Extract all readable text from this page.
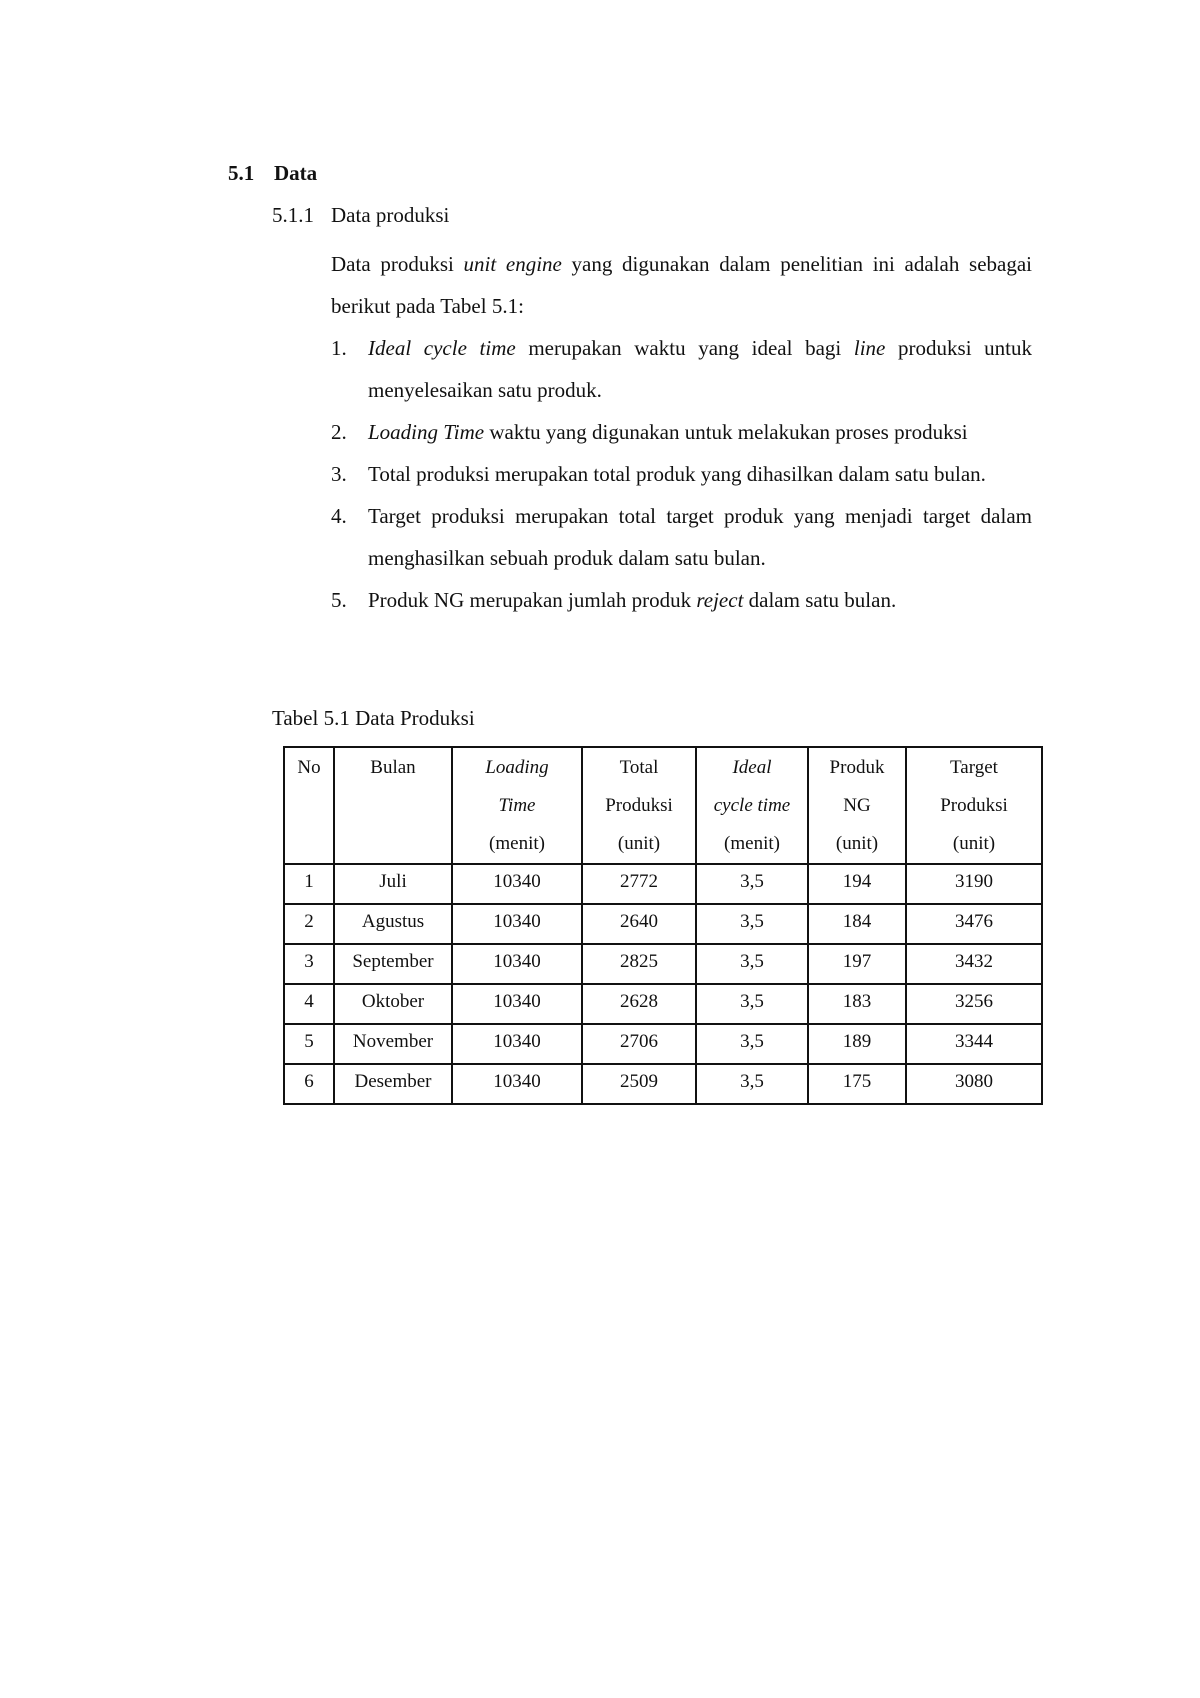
5.1 Data
5.1.1 Data produksi

Data produksi unit engine yang digunakan dalam penelitian ini adalah sebagai berikut pada Tabel 5.1:

1. Ideal cycle time merupakan waktu yang ideal bagi line produksi untuk menyelesaikan satu produk.
2. Loading Time waktu yang digunakan untuk melakukan proses produksi
3. Total produksi merupakan total produk yang dihasilkan dalam satu bulan.
4. Target produksi merupakan total target produk yang menjadi target dalam menghasilkan sebuah produk dalam satu bulan.
5. Produk NG merupakan jumlah produk reject dalam satu bulan.
Tabel 5.1 Data Produksi
No	Bulan	Loading
Time
(menit)	Total
Produksi
(unit)	Ideal
cycle time
(menit)	Produk
NG
(unit)	Target
Produksi
(unit)
1	Juli	10340	2772	3,5	194	3190
2	Agustus	10340	2640	3,5	184	3476
3	September	10340	2825	3,5	197	3432
4	Oktober	10340	2628	3,5	183	3256
5	November	10340	2706	3,5	189	3344
6	Desember	10340	2509	3,5	175	3080
